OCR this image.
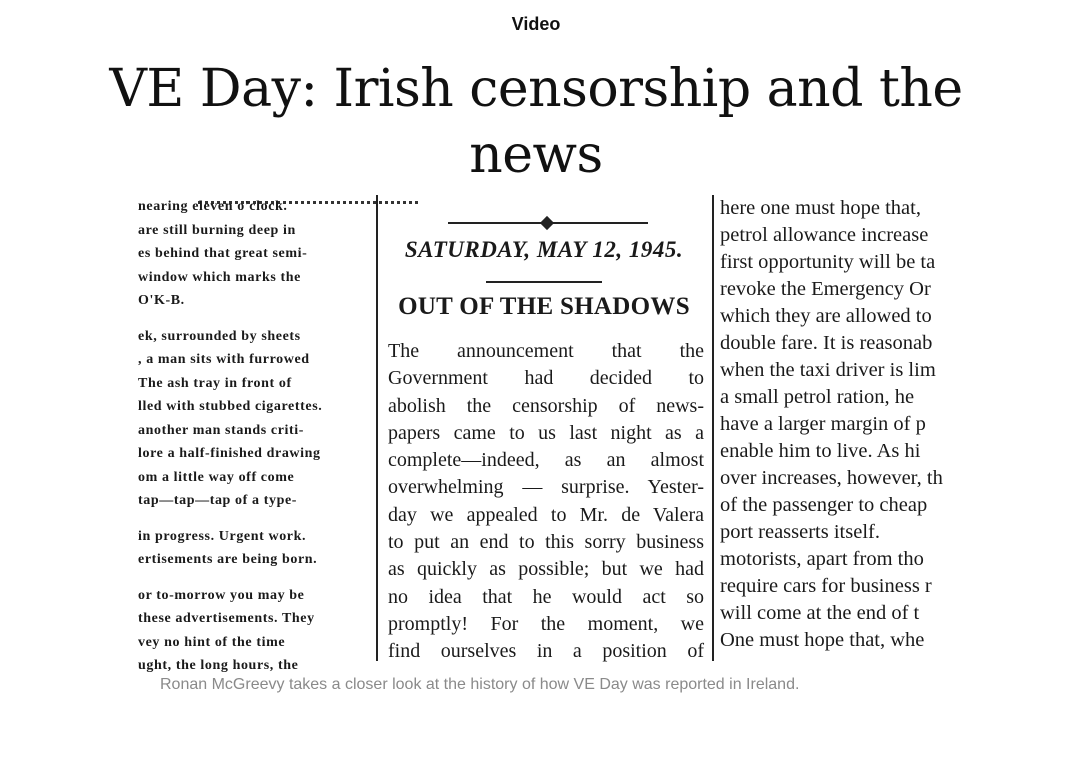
Video
VE Day: Irish censorship and the news
nearing eleven o'clock.
are still burning deep in
es behind that great semi-
window which marks the
O'K-B.
ek, surrounded by sheets
, a man sits with furrowed
The ash tray in front of
lled with stubbed cigarettes.
another man stands criti-
lore a half-finished drawing
om a little way off come
tap—tap—tap of a type-
in progress. Urgent work.
ertisements are being born.
or to-morrow you may be
these advertisements. They
vey no hint of the time
ught, the long hours, the
SATURDAY, MAY 12, 1945.
OUT OF THE SHADOWS
The announcement that the
Government had decided to
abolish the censorship of news-
papers came to us last night as a
complete—indeed, as an almost
overwhelming — surprise. Yester-
day we appealed to Mr. de Valera
to put an end to this sorry business
as quickly as possible; but we had
no idea that he would act so
promptly! For the moment, we
find ourselves in a position of
here one must hope that,
petrol allowance increase
first opportunity will be ta
revoke the Emergency Or
which they are allowed to
double fare. It is reasonab
when the taxi driver is lim
a small petrol ration, he
have a larger margin of p
enable him to live. As hi
over increases, however, th
of the passenger to cheap
port reasserts itself.
motorists, apart from tho
require cars for business r
will come at the end of t
One must hope that, whe
Ronan McGreevy takes a closer look at the history of how VE Day was reported in Ireland.
